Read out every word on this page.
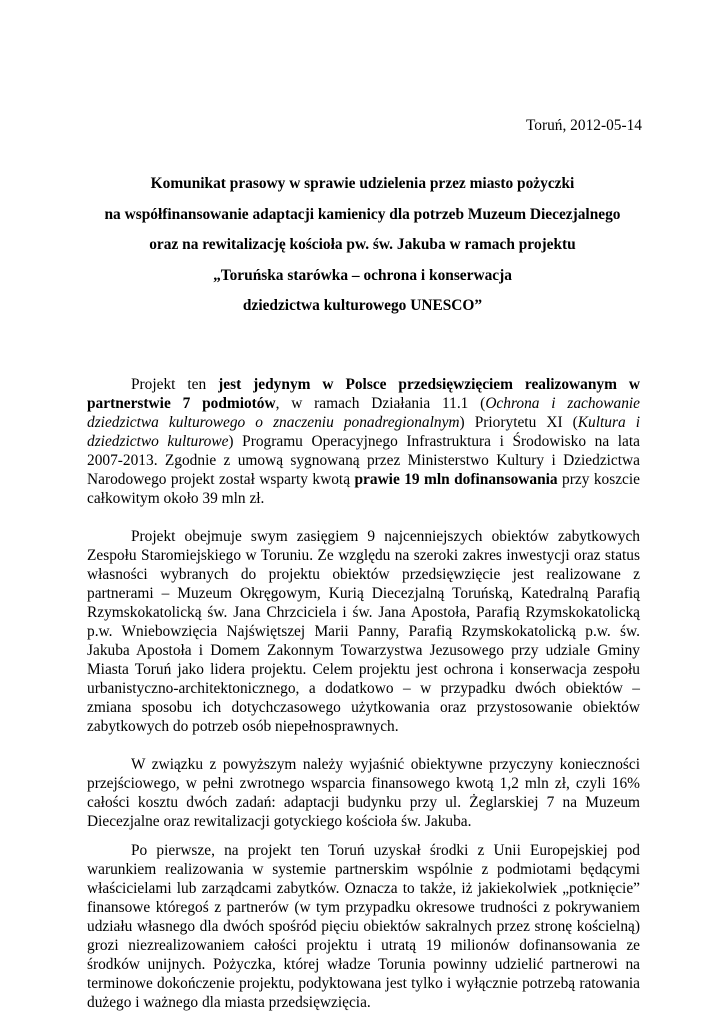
Toruń, 2012-05-14

Komunikat prasowy w sprawie udzielenia przez miasto pożyczki

na współfinansowanie adaptacji kamienicy dla potrzeb Muzeum Diecezjalnego

oraz na rewitalizację kościoła pw. św. Jakuba w ramach projektu

„Toruńska starówka – ochrona i konserwacja

dziedzictwa kulturowego UNESCO”

Projekt ten jest jedynym w Polsce przedsięwzięciem realizowanym w partnerstwie 7 podmiotów, w ramach Działania 11.1 (Ochrona i zachowanie dziedzictwa kulturowego o znaczeniu ponadregionalnym) Priorytetu XI (Kultura i dziedzictwo kulturowe) Programu Operacyjnego Infrastruktura i Środowisko na lata 2007-2013. Zgodnie z umową sygnowaną przez Ministerstwo Kultury i Dziedzictwa Narodowego projekt został wsparty kwotą prawie 19 mln dofinansowania przy koszcie całkowitym około 39 mln zł.

Projekt obejmuje swym zasięgiem 9 najcenniejszych obiektów zabytkowych Zespołu Staromiejskiego w Toruniu. Ze względu na szeroki zakres inwestycji oraz status własności wybranych do projektu obiektów przedsięwzięcie jest realizowane z partnerami – Muzeum Okręgowym, Kurią Diecezjalną Toruńską, Katedralną Parafią Rzymskokatolicką św. Jana Chrzciciela i św. Jana Apostoła, Parafią Rzymskokatolicką p.w. Wniebowzięcia Najświętszej Marii Panny, Parafią Rzymskokatolicką p.w. św. Jakuba Apostoła i Domem Zakonnym Towarzystwa Jezusowego przy udziale Gminy Miasta Toruń jako lidera projektu. Celem projektu jest ochrona i konserwacja zespołu urbanistyczno-architektonicznego, a dodatkowo – w przypadku dwóch obiektów – zmiana sposobu ich dotychczasowego użytkowania oraz przystosowanie obiektów zabytkowych do potrzeb osób niepełnosprawnych.

W związku z powyższym należy wyjaśnić obiektywne przyczyny konieczności przejściowego, w pełni zwrotnego wsparcia finansowego kwotą 1,2 mln zł, czyli 16% całości kosztu dwóch zadań: adaptacji budynku przy ul. Żeglarskiej 7 na Muzeum Diecezjalne oraz rewitalizacji gotyckiego kościoła św. Jakuba.

Po pierwsze, na projekt ten Toruń uzyskał środki z Unii Europejskiej pod warunkiem realizowania w systemie partnerskim wspólnie z podmiotami będącymi właścicielami lub zarządcami zabytków. Oznacza to także, iż jakiekolwiek „potknięcie” finansowe któregoś z partnerów (w tym przypadku okresowe trudności z pokrywaniem udziału własnego dla dwóch spośród pięciu obiektów sakralnych przez stronę kościelną) grozi niezrealizowaniem całości projektu i utratą 19 milionów dofinansowania ze środków unijnych. Pożyczka, której władze Torunia powinny udzielić partnerowi na terminowe dokończenie projektu, podyktowana jest tylko i wyłącznie potrzebą ratowania dużego i ważnego dla miasta przedsięwzięcia.
